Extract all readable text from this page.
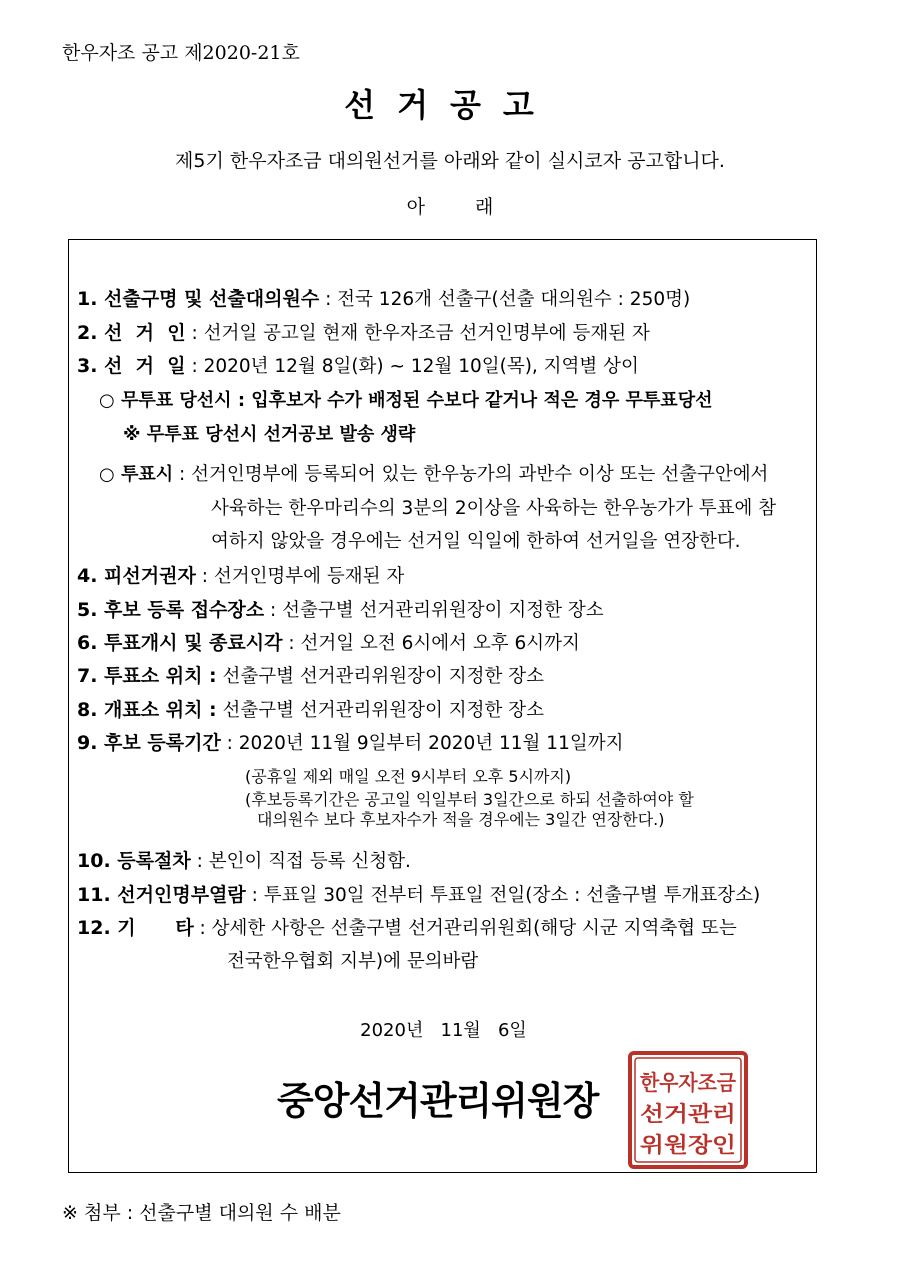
한우자조 공고 제2020-21호
선거공고
제5기 한우자조금 대의원선거를 아래와 같이 실시코자 공고합니다.
아래
1. 선출구명 및 선출대의원수 : 전국 126개 선출구(선출 대의원수 : 250명)
2. 선  거  인 : 선거일 공고일 현재 한우자조금 선거인명부에 등재된 자
3. 선  거  일 : 2020년 12월 8일(화) ~ 12월 10일(목), 지역별 상이
○ 무투표 당선시 : 입후보자 수가 배정된 수보다 같거나 적은 경우 무투표당선
※ 무투표 당선시 선거공보 발송 생략
○ 투표시 : 선거인명부에 등록되어 있는 한우농가의 과반수 이상 또는 선출구안에서
사육하는 한우마리수의 3분의 2이상을 사육하는 한우농가가 투표에 참
여하지 않았을 경우에는 선거일 익일에 한하여 선거일을 연장한다.
4. 피선거권자 : 선거인명부에 등재된 자
5. 후보 등록 접수장소 : 선출구별 선거관리위원장이 지정한 장소
6. 투표개시 및 종료시각 : 선거일 오전 6시에서 오후 6시까지
7. 투표소 위치 : 선출구별 선거관리위원장이 지정한 장소
8. 개표소 위치 : 선출구별 선거관리위원장이 지정한 장소
9. 후보 등록기간 : 2020년 11월 9일부터 2020년 11월 11일까지
(공휴일 제외 매일 오전 9시부터 오후 5시까지)
(후보등록기간은 공고일 익일부터 3일간으로 하되 선출하여야 할
대의원수 보다 후보자수가 적을 경우에는 3일간 연장한다.)
10. 등록절차 : 본인이 직접 등록 신청함.
11. 선거인명부열람 : 투표일 30일 전부터 투표일 전일(장소 : 선출구별 투개표장소)
12. 기      타 : 상세한 사항은 선출구별 선거관리위원회(해당 시군 지역축협 또는
전국한우협회 지부)에 문의바람
2020년   11월   6일
중앙선거관리위원장 한우자조금
선거관리
위원장인
※ 첨부 : 선출구별 대의원 수 배분
